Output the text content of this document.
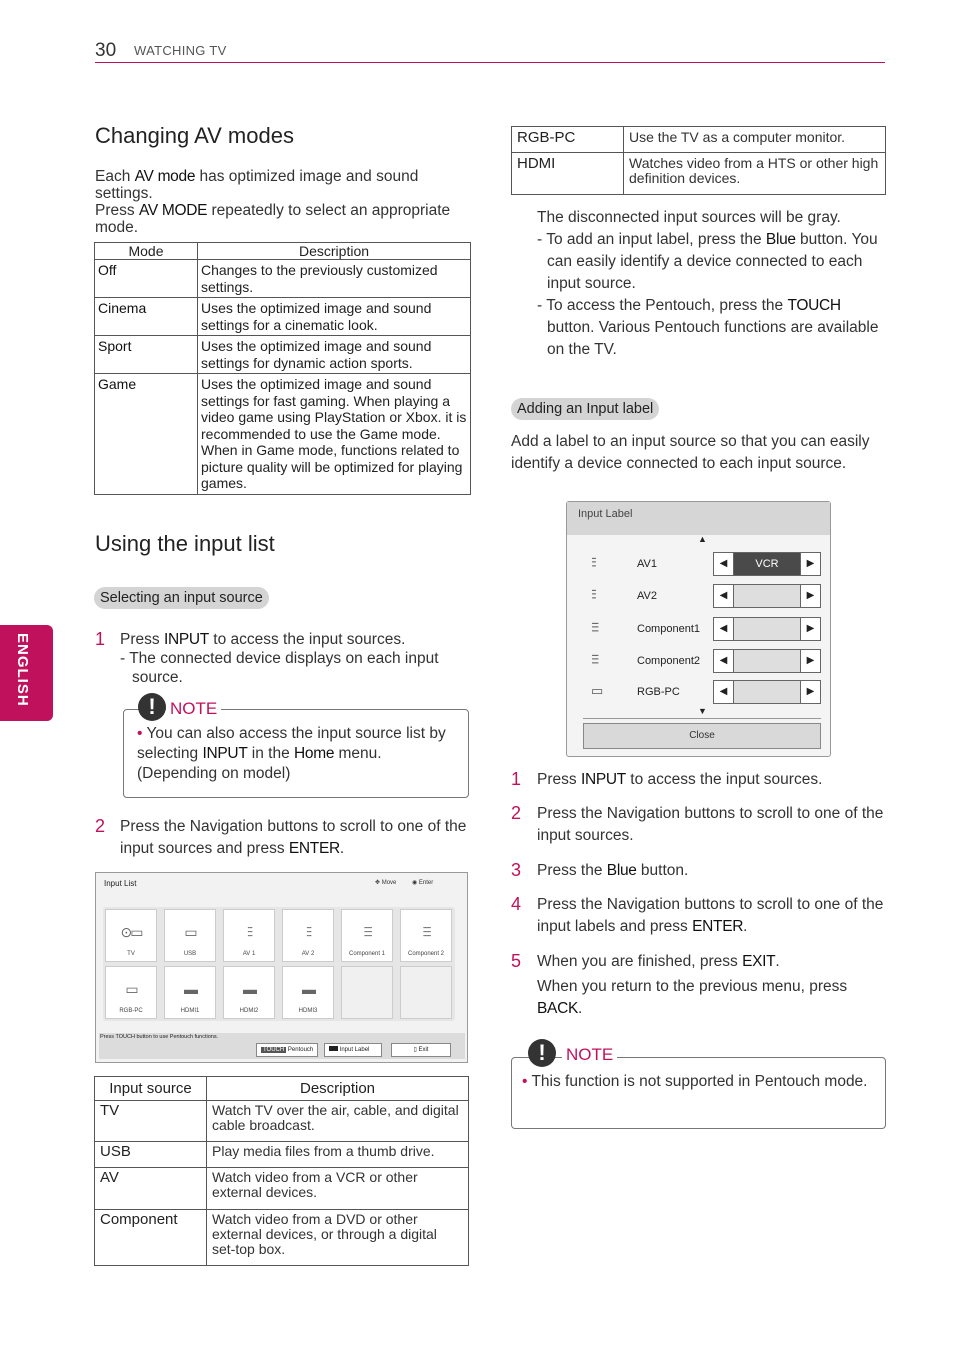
30 WATCHING TV
ENGLISH
Changing AV modes
Each AV mode has optimized image and sound settings.
Press AV MODE repeatedly to select an appropriate mode.
Mode	Description
Off	Changes to the previously customized settings.
Cinema	Uses the optimized image and sound settings for a cinematic look.
Sport	Uses the optimized image and sound settings for dynamic action sports.
Game	Uses the optimized image and sound settings for fast gaming. When playing a video game using PlayStation or Xbox. it is recommended to use the Game mode. When in Game mode, functions related to picture quality will be optimized for playing games.
Using the input list
Selecting an input source
1 Press INPUT to access the input sources.
- The connected device displays on each input source.
• You can also access the input source list by selecting INPUT in the Home menu. (Depending on model)
! NOTE
2 Press the Navigation buttons to scroll to one of the input sources and press ENTER.
Input List	✥ Move	◉ Enter
⊙▭
TV
▭
USB
⫶⫶⫶
AV 1
⫶⫶⫶
AV 2
⫶⫶⫶⫶⫶
Component 1
⫶⫶⫶⫶⫶
Component 2
▭
RGB-PC
▬
HDMI1
▬
HDMI2
▬
HDMI3
Press TOUCH button to use Pentouch functions.
TOUCH Pentouch	Input Label	▯ Exit
Input source	Description
TV	Watch TV over the air, cable, and digital cable broadcast.
USB	Play media files from a thumb drive.
AV	Watch video from a VCR or other external devices.
Component	Watch video from a DVD or other external devices, or through a digital set-top box.
RGB-PC	Use the TV as a computer monitor.
HDMI	Watches video from a HTS or other high definition devices.
The disconnected input sources will be gray.
- To add an input label, press the Blue button. You can easily identify a device connected to each input source.
- To access the Pentouch, press the TOUCH button. Various Pentouch functions are available on the TV.
Adding an Input label
Add a label to an input source so that you can easily identify a device connected to each input source.
Input Label
▲
⫶⫶⫶	AV1	◀	VCR	▶
⫶⫶⫶	AV2	◀	▶
⫶⫶⫶⫶⫶	Component1	◀	▶
⫶⫶⫶⫶⫶	Component2	◀	▶
▭	RGB-PC	◀	▶
▼
Close
1 Press INPUT to access the input sources.
2 Press the Navigation buttons to scroll to one of the input sources.
3 Press the Blue button.
4 Press the Navigation buttons to scroll to one of the input labels and press ENTER.
5 When you are finished, press EXIT.
When you return to the previous menu, press BACK.
• This function is not supported in Pentouch mode.
!	NOTE
